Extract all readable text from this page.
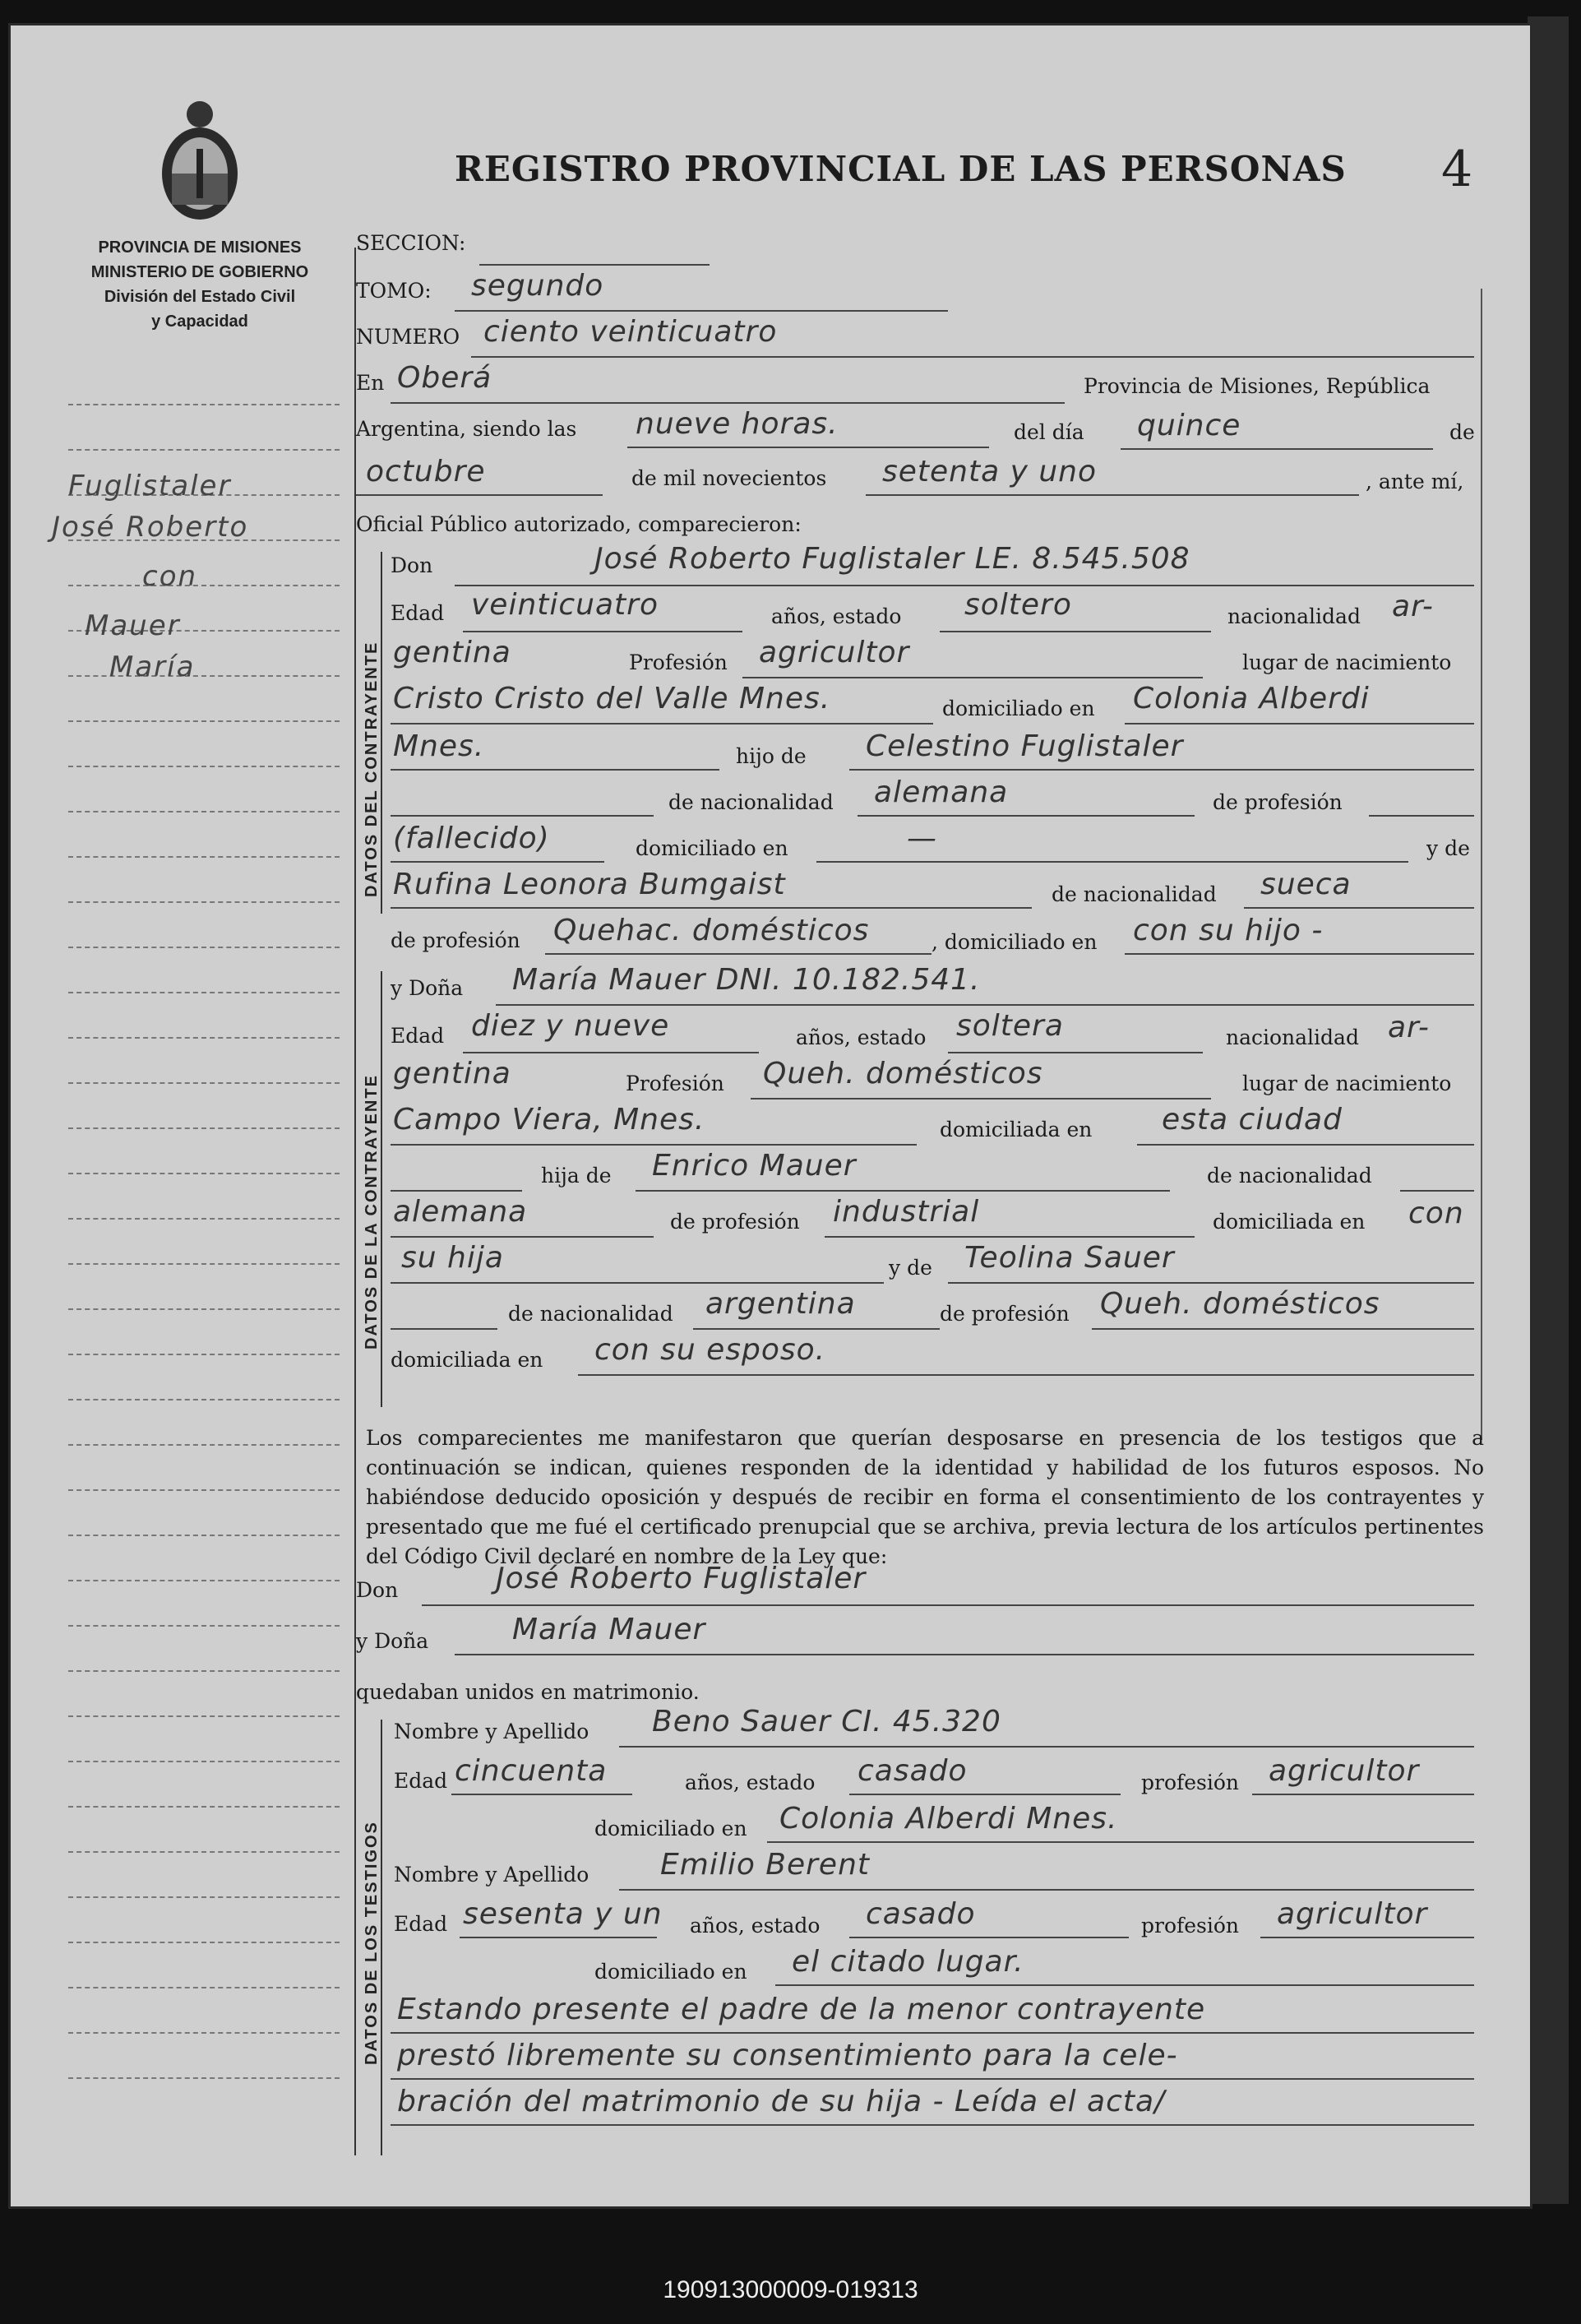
PROVINCIA DE MISIONES
MINISTERIO DE GOBIERNO
División del Estado Civil
y Capacidad
REGISTRO PROVINCIAL DE LAS PERSONAS 4
Fuglistaler
José Roberto
con
Mauer
María
SECCION:
TOMO: segundo
NUMERO ciento veinticuatro
En Oberá	Provincia de Misiones, República
Argentina, siendo las nueve horas.	del día quince	de
octubre	de mil novecientos setenta y uno	, ante mí,
Oficial Público autorizado, comparecieron:
DATOS DEL CONTRAYENTE
Don	José Roberto Fuglistaler LE. 8.545.508
Edad veinticuatro	años, estado soltero	nacionalidad ar-
gentina	Profesión agricultor	lugar de nacimiento
Cristo Cristo del Valle Mnes.	domiciliado en Colonia Alberdi
Mnes.	hijo de Celestino Fuglistaler
de nacionalidad alemana	de profesión
(fallecido)	domiciliado en	—	y de
Rufina Leonora Bumgaist	de nacionalidad sueca
de profesión Quehac. domésticos	, domiciliado en con su hijo -
DATOS DE LA CONTRAYENTE
y Doña María Mauer DNI. 10.182.541.
Edad diez y nueve	años, estado soltera	nacionalidad ar-
gentina	Profesión Queh. domésticos	lugar de nacimiento
Campo Viera, Mnes.	domiciliada en esta ciudad
hija de Enrico Mauer	de nacionalidad
alemana	de profesión industrial	domiciliada en con
su hija	y de Teolina Sauer
de nacionalidad argentina	de profesión Queh. domésticos
domiciliada en con su esposo.
Los comparecientes me manifestaron que querían desposarse en presencia de los testigos que a continuación se indican, quienes responden de la identidad y habilidad de los futuros esposos. No habiéndose deducido oposición y después de recibir en forma el consentimiento de los contrayentes y presentado que me fué el certificado prenupcial que se archiva, previa lectura de los artículos pertinentes del Código Civil declaré en nombre de la Ley que:
Don	José Roberto Fuglistaler
y Doña	María Mauer
quedaban unidos en matrimonio.
DATOS DE LOS TESTIGOS
Nombre y Apellido Beno Sauer CI. 45.320
Edad cincuenta	años, estado casado	profesión agricultor
domiciliado en Colonia Alberdi Mnes.
Nombre y Apellido Emilio Berent
Edad sesenta y un años, estado casado	profesión agricultor
domiciliado en el citado lugar.
Estando presente el padre de la menor contrayente
prestó libremente su consentimiento para la cele-
bración del matrimonio de su hija - Leída el acta/
190913000009-019313
